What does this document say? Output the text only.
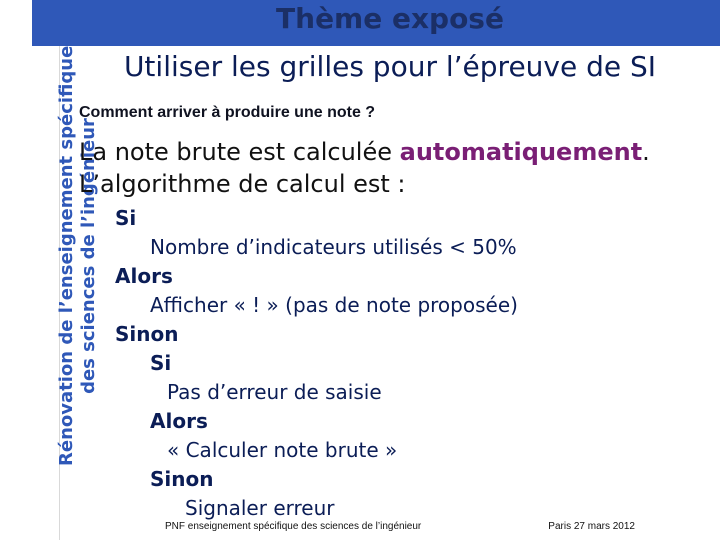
Thème exposé
Rénovation de l’enseignement spécifique des sciences de l’ingénieur
Utiliser les grilles pour l’épreuve de SI
Comment arriver à produire une note ?
La note brute est calculée automatiquement.
L’algorithme de calcul est :
Si
Nombre d’indicateurs utilisés < 50%
Alors
Afficher « ! » (pas de note proposée)
Sinon
Si
Pas d’erreur de saisie
Alors
« Calculer note brute »
Sinon
Signaler erreur
PNF enseignement spécifique des sciences de l’ingénieur	Paris 27 mars 2012
